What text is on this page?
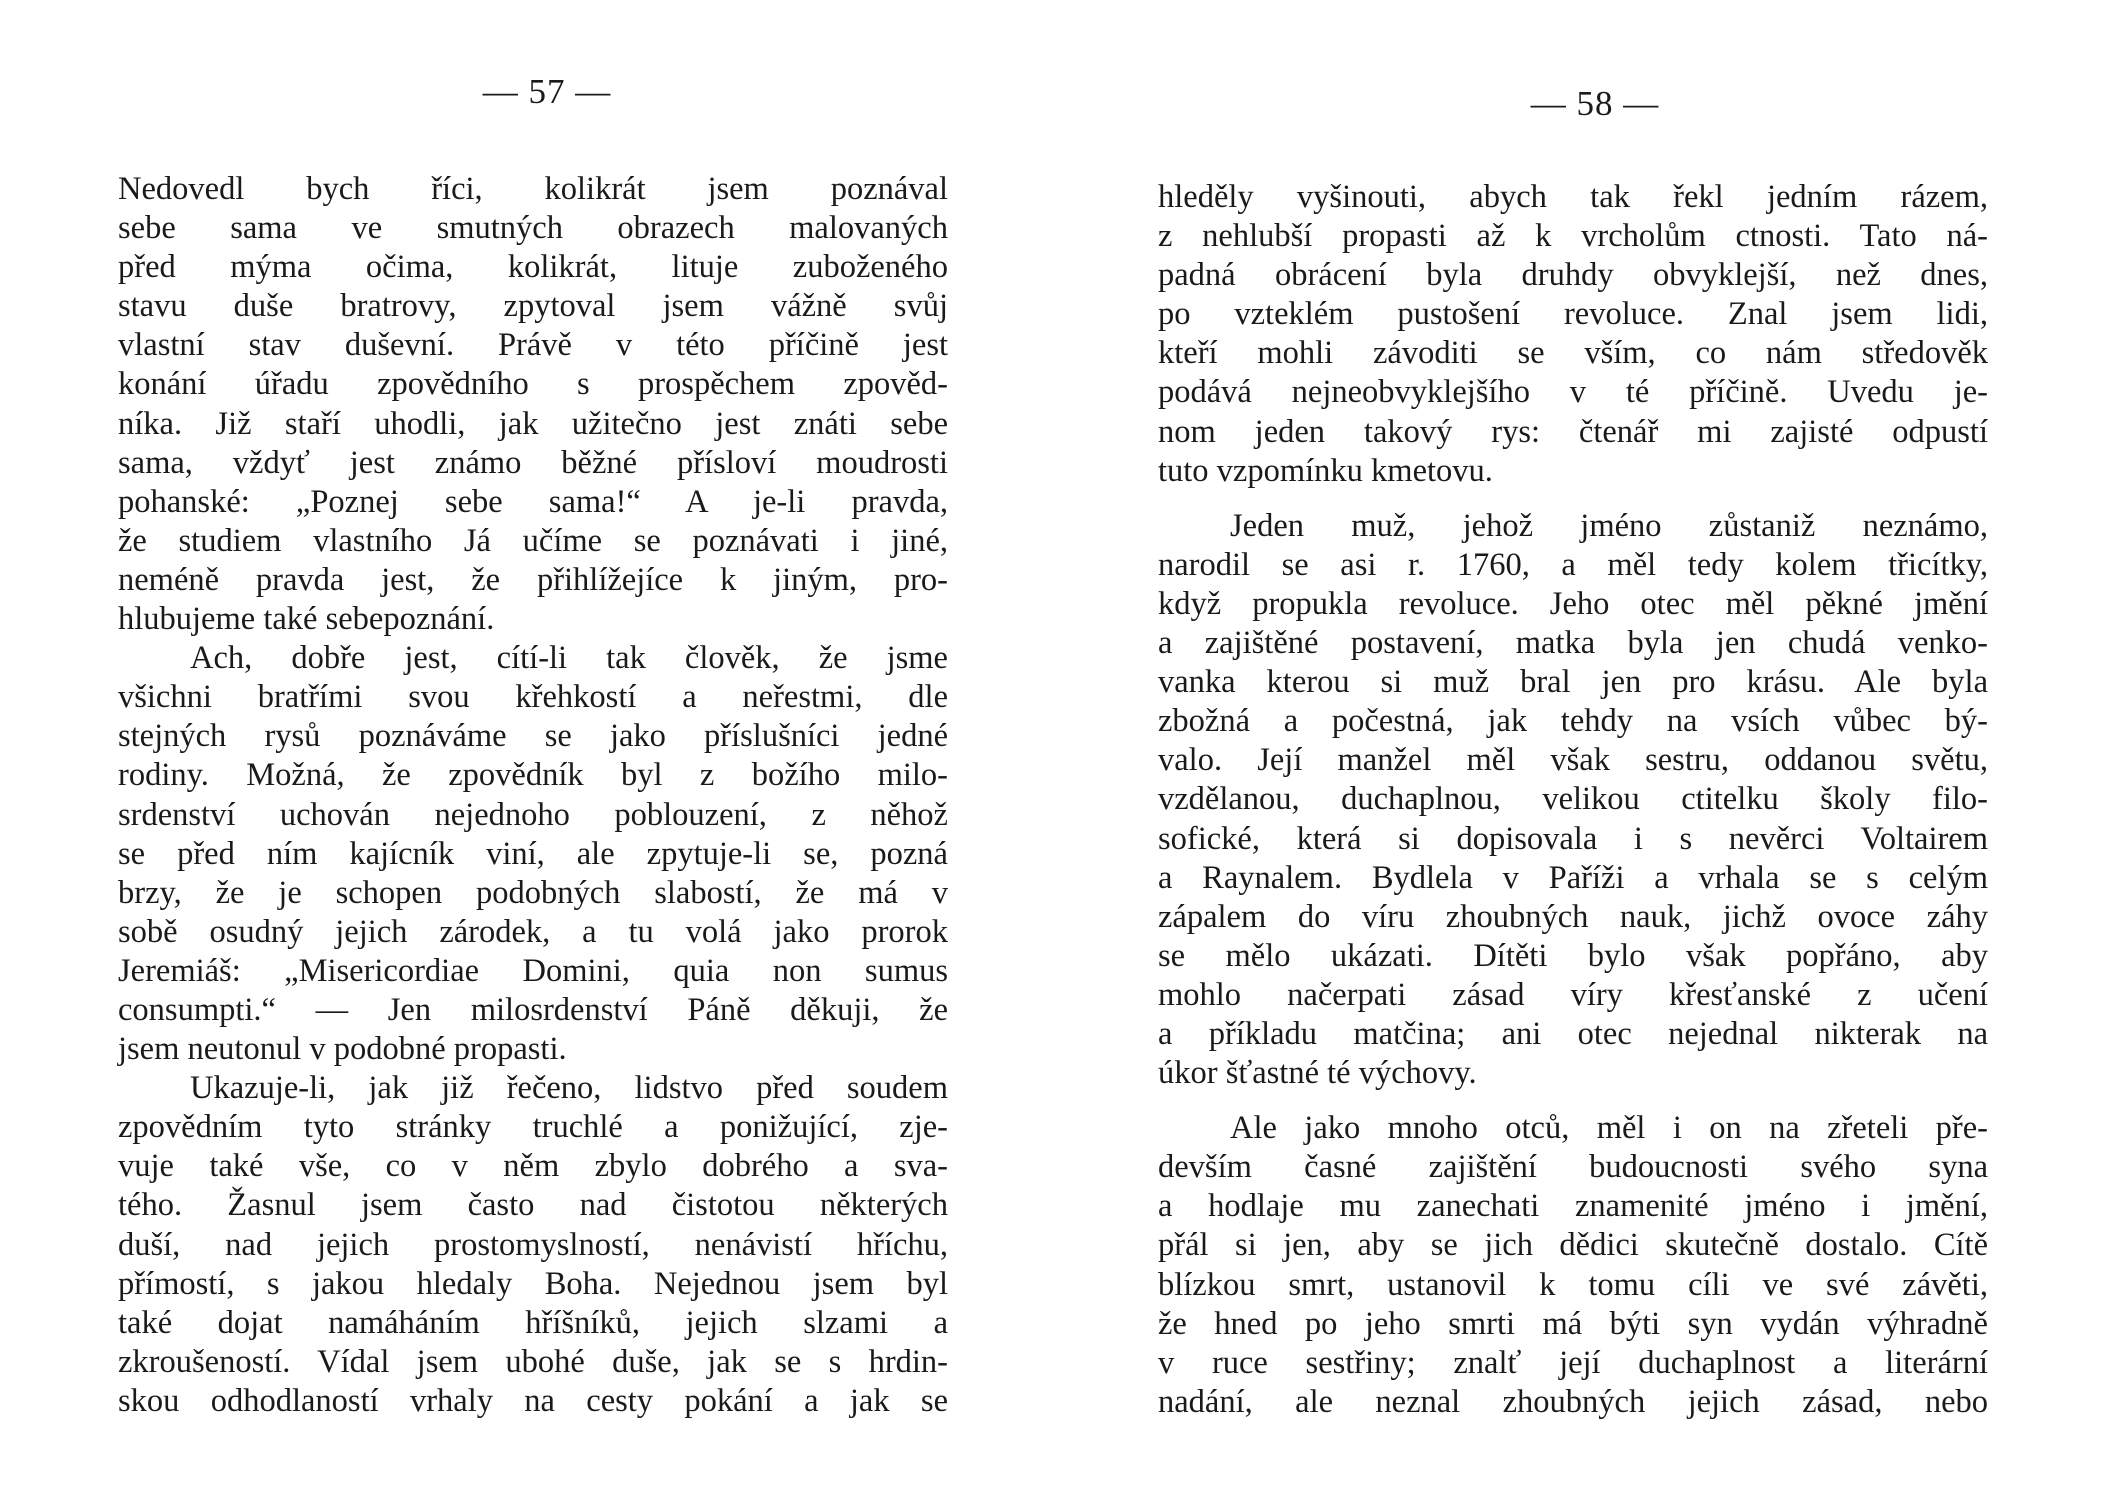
— 57 —
Nedovedl bych říci, kolikrát jsem poznával
sebe sama ve smutných obrazech malovaných
před mýma očima, kolikrát, lituje zuboženého
stavu duše bratrovy, zpytoval jsem vážně svůj
vlastní stav duševní. Právě v této příčině jest
konání úřadu zpovědního s prospěchem zpověd-
níka. Již staří uhodli, jak užitečno jest znáti sebe
sama, vždyť jest známo běžné přísloví moudrosti
pohanské: „Poznej sebe sama!“ A je-li pravda,
že studiem vlastního Já učíme se poznávati i jiné,
neméně pravda jest, že přihlížejíce k jiným, pro-
hlubujeme také sebepoznání.
Ach, dobře jest, cítí-li tak člověk, že jsme
všichni bratřími svou křehkostí a neřestmi, dle
stejných rysů poznáváme se jako příslušníci jedné
rodiny. Možná, že zpovědník byl z božího milo-
srdenství uchován nejednoho poblouzení, z něhož
se před ním kajícník viní, ale zpytuje-li se, pozná
brzy, že je schopen podobných slabostí, že má v
sobě osudný jejich zárodek, a tu volá jako prorok
Jeremiáš: „Misericordiae Domini, quia non sumus
consumpti.“ — Jen milosrdenství Páně děkuji, že
jsem neutonul v podobné propasti.
Ukazuje-li, jak již řečeno, lidstvo před soudem
zpovědním tyto stránky truchlé a ponižující, zje-
vuje také vše, co v něm zbylo dobrého a sva-
tého. Žasnul jsem často nad čistotou některých
duší, nad jejich prostomyslností, nenávistí hříchu,
přímostí, s jakou hledaly Boha. Nejednou jsem byl
také dojat namáháním hříšníků, jejich slzami a
zkroušeností. Vídal jsem ubohé duše, jak se s hrdin-
skou odhodlaností vrhaly na cesty pokání a jak se
— 58 —
hleděly vyšinouti, abych tak řekl jedním rázem,
z nehlubší propasti až k vrcholům ctnosti. Tato ná-
padná obrácení byla druhdy obvyklejší, než dnes,
po vzteklém pustošení revoluce. Znal jsem lidi,
kteří mohli závoditi se vším, co nám středověk
podává nejneobvyklejšího v té příčině. Uvedu je-
nom jeden takový rys: čtenář mi zajisté odpustí
tuto vzpomínku kmetovu.
Jeden muž, jehož jméno zůstaniž neznámo,
narodil se asi r. 1760, a měl tedy kolem třicítky,
když propukla revoluce. Jeho otec měl pěkné jmění
a zajištěné postavení, matka byla jen chudá venko-
vanka kterou si muž bral jen pro krásu. Ale byla
zbožná a počestná, jak tehdy na vsích vůbec bý-
valo. Její manžel měl však sestru, oddanou světu,
vzdělanou, duchaplnou, velikou ctitelku školy filo-
sofické, která si dopisovala i s nevěrci Voltairem
a Raynalem. Bydlela v Paříži a vrhala se s celým
zápalem do víru zhoubných nauk, jichž ovoce záhy
se mělo ukázati. Dítěti bylo však popřáno, aby
mohlo načerpati zásad víry křesťanské z učení
a příkladu matčina; ani otec nejednal nikterak na
úkor šťastné té výchovy.
Ale jako mnoho otců, měl i on na zřeteli pře-
devším časné zajištění budoucnosti svého syna
a hodlaje mu zanechati znamenité jméno i jmění,
přál si jen, aby se jich dědici skutečně dostalo. Cítě
blízkou smrt, ustanovil k tomu cíli ve své závěti,
že hned po jeho smrti má býti syn vydán výhradně
v ruce sestřiny; znalť její duchaplnost a literární
nadání, ale neznal zhoubných jejich zásad, nebo
